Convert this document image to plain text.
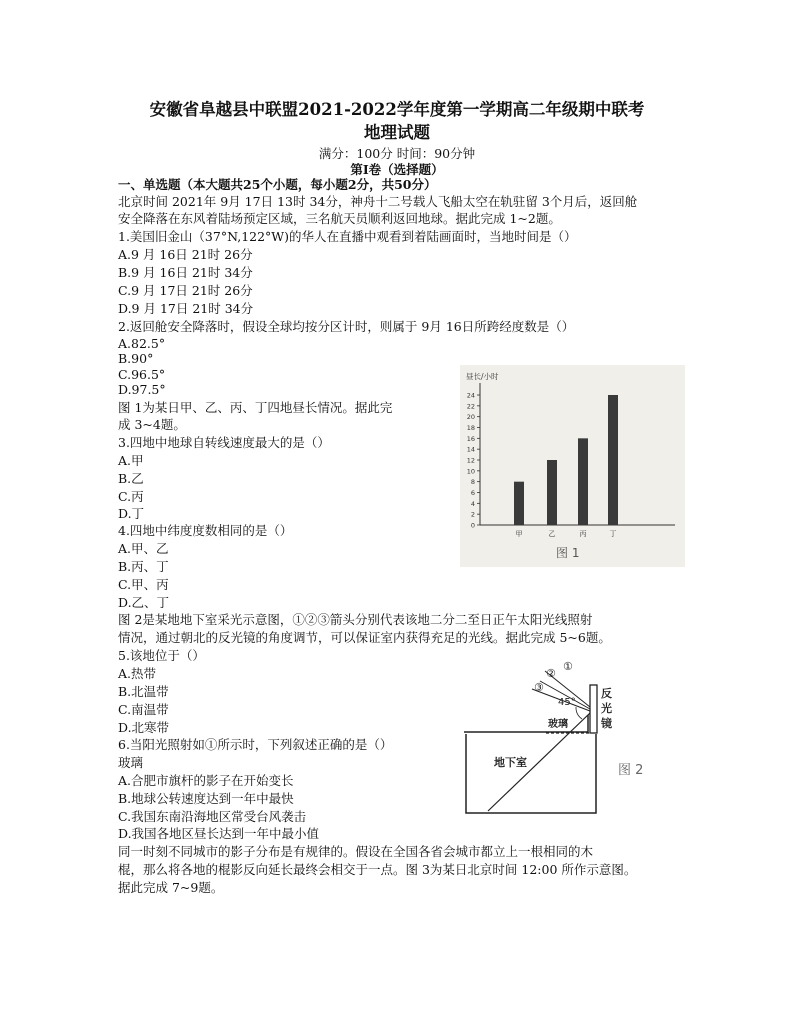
安徽省阜越县中联盟2021-2022学年度第一学期高二年级期中联考
地理试题
满分：100分 时间：90分钟
第I卷（选择题）
一、单选题（本大题共25个小题，每小题2分，共50分）
北京时间 2021年 9月 17日 13时 34分，神舟十二号载人飞船太空在轨驻留 3个月后，返回舱
安全降落在东风着陆场预定区域，三名航天员顺利返回地球。据此完成 1~2题。
1.美国旧金山（37°N,122°W)的华人在直播中观看到着陆画面时，当地时间是（）
A.9 月 16日 21时 26分
B.9 月 16日 21时 34分
C.9 月 17日 21时 26分
D.9 月 17日 21时 34分
2.返回舱安全降落时，假设全球均按分区计时，则属于 9月 16日所跨经度数是（）
A.82.5°
B.90°
C.96.5°
D.97.5°
图 1为某日甲、乙、丙、丁四地昼长情况。据此完
成 3~4题。
3.四地中地球自转线速度最大的是（）
A.甲
B.乙
C.丙
D.丁
4.四地中纬度度数相同的是（）
A.甲、乙
B.丙、丁
C.甲、丙
D.乙、丁
图 2是某地地下室采光示意图，①②③箭头分别代表该地二分二至日正午太阳光线照射
情况，通过朝北的反光镜的角度调节，可以保证室内获得充足的光线。据此完成 5~6题。
5.该地位于（）
A.热带
B.北温带
C.南温带
D.北寒带
6.当阳光照射如①所示时，下列叙述正确的是（）
玻璃
A.合肥市旗杆的影子在开始变长
B.地球公转速度达到一年中最快
C.我国东南沿海地区常受台风袭击
D.我国各地区昼长达到一年中最小值
同一时刻不同城市的影子分布是有规律的。假设在全国各省会城市都立上一根相同的木
棍，那么将各地的棍影反向延长最终会相交于一点。图 3为某日北京时间 12:00 所作示意图。
据此完成 7~9题。
昼长/小时
0
2
4
6
8
10
12
14
16
18
20
22
24
甲	乙	丙	丁
图 1
①
②
③
45°
反
光
镜
玻璃
地下室
图 2
